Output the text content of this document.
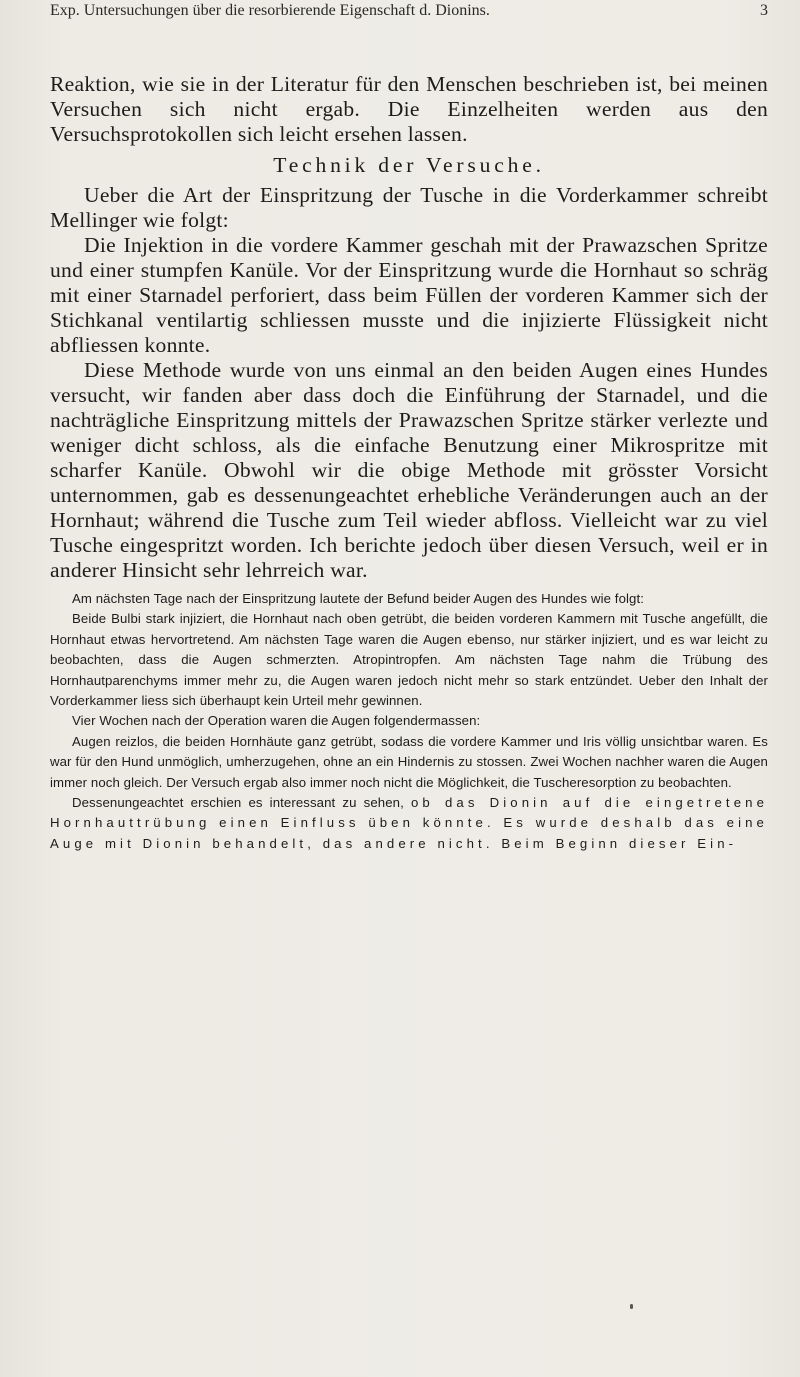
Exp. Untersuchungen über die resorbierende Eigenschaft d. Dionins.	3

Reaktion, wie sie in der Literatur für den Menschen beschrieben ist, bei meinen Versuchen sich nicht ergab. Die Einzelheiten werden aus den Versuchsprotokollen sich leicht ersehen lassen.

Technik der Versuche.

Ueber die Art der Einspritzung der Tusche in die Vorderkammer schreibt Mellinger wie folgt:

Die Injektion in die vordere Kammer geschah mit der Prawazschen Spritze und einer stumpfen Kanüle. Vor der Einspritzung wurde die Hornhaut so schräg mit einer Starnadel perforiert, dass beim Füllen der vorderen Kammer sich der Stichkanal ventilartig schliessen musste und die injizierte Flüssigkeit nicht abfliessen konnte.

Diese Methode wurde von uns einmal an den beiden Augen eines Hundes versucht, wir fanden aber dass doch die Einführung der Starnadel, und die nachträgliche Einspritzung mittels der Prawazschen Spritze stärker verlezte und weniger dicht schloss, als die einfache Benutzung einer Mikrospritze mit scharfer Kanüle. Obwohl wir die obige Methode mit grösster Vorsicht unternommen, gab es dessenungeachtet erhebliche Veränderungen auch an der Hornhaut; während die Tusche zum Teil wieder abfloss. Vielleicht war zu viel Tusche eingespritzt worden. Ich berichte jedoch über diesen Versuch, weil er in anderer Hinsicht sehr lehrreich war.

Am nächsten Tage nach der Einspritzung lautete der Befund beider Augen des Hundes wie folgt:

Beide Bulbi stark injiziert, die Hornhaut nach oben getrübt, die beiden vorderen Kammern mit Tusche angefüllt, die Hornhaut etwas hervortretend. Am nächsten Tage waren die Augen ebenso, nur stärker injiziert, und es war leicht zu beobachten, dass die Augen schmerzten. Atropintropfen. Am nächsten Tage nahm die Trübung des Hornhautparenchyms immer mehr zu, die Augen waren jedoch nicht mehr so stark entzündet. Ueber den Inhalt der Vorderkammer liess sich überhaupt kein Urteil mehr gewinnen.

Vier Wochen nach der Operation waren die Augen folgendermassen:

Augen reizlos, die beiden Hornhäute ganz getrübt, sodass die vordere Kammer und Iris völlig unsichtbar waren. Es war für den Hund unmöglich, umherzugehen, ohne an ein Hindernis zu stossen. Zwei Wochen nachher waren die Augen immer noch gleich. Der Versuch ergab also immer noch nicht die Möglichkeit, die Tuscheresorption zu beobachten.

Dessenungeachtet erschien es interessant zu sehen, ob das Dionin auf die eingetretene Hornhauttrübung einen Einfluss üben könnte. Es wurde deshalb das eine Auge mit Dionin behandelt, das andere nicht. Beim Beginn dieser Ein-
